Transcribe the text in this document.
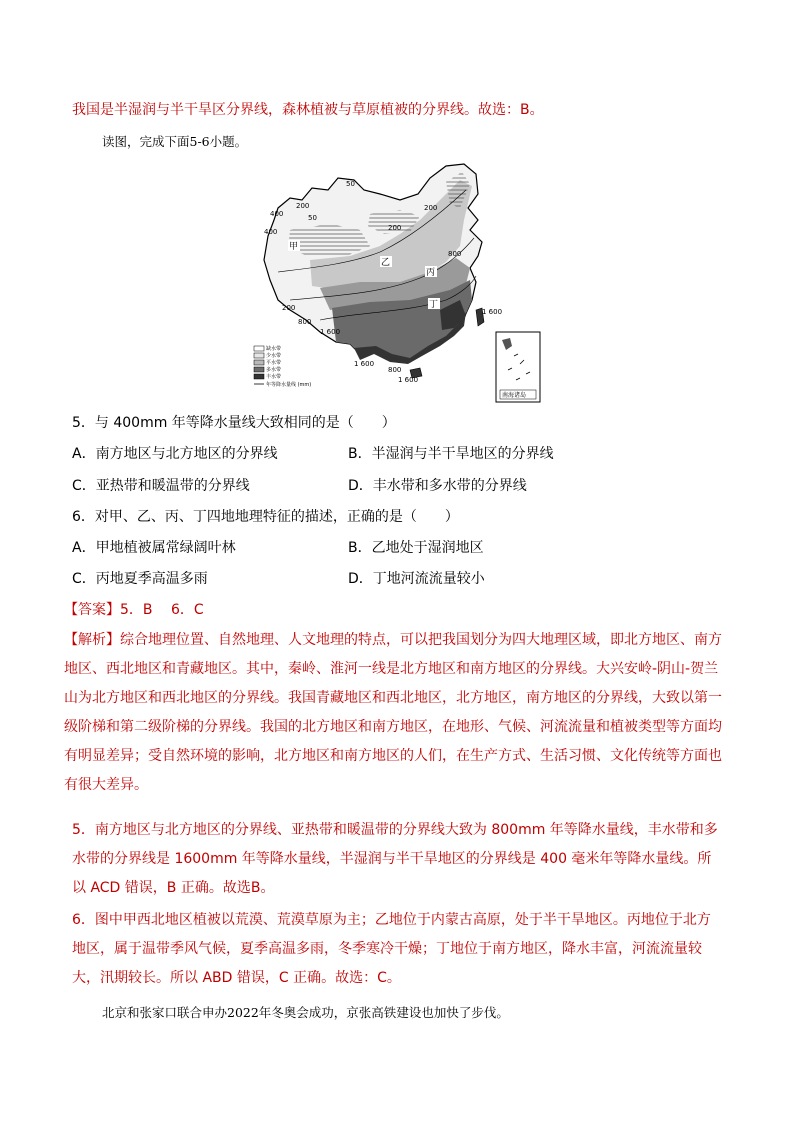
我国是半湿润与半干旱区分界线，森林植被与草原植被的分界线。故选：B。
读图，完成下面5-6小题。
400
200
50
400
50
200
200
800
1 600
200
800
1 600
1 600
800
1 600
甲
乙
丙
丁
缺水带
少水带
平水带
多水带
丰水带
年等降水量线 (mm)
南海诸岛
5．与 400mm 年等降水量线大致相同的是（　　）
A．南方地区与北方地区的分界线	B．半湿润与半干旱地区的分界线
C．亚热带和暖温带的分界线	D．丰水带和多水带的分界线
6．对甲、乙、丙、丁四地地理特征的描述，正确的是（　　）
A．甲地植被属常绿阔叶林	B．乙地处于湿润地区
C．丙地夏季高温多雨	D．丁地河流流量较小
【答案】5．B　 6．C
【解析】综合地理位置、自然地理、人文地理的特点，可以把我国划分为四大地理区域，即北方地区、南方地区、西北地区和青藏地区。其中，秦岭、淮河一线是北方地区和南方地区的分界线。大兴安岭-阴山-贺兰山为北方地区和西北地区的分界线。我国青藏地区和西北地区，北方地区，南方地区的分界线，大致以第一级阶梯和第二级阶梯的分界线。我国的北方地区和南方地区，在地形、气候、河流流量和植被类型等方面均有明显差异；受自然环境的影响，北方地区和南方地区的人们，在生产方式、生活习惯、文化传统等方面也有很大差异。
5．南方地区与北方地区的分界线、亚热带和暖温带的分界线大致为 800mm 年等降水量线，丰水带和多水带的分界线是 1600mm 年等降水量线，半湿润与半干旱地区的分界线是 400 毫米年等降水量线。所以 ACD 错误，B 正确。故选B。
6．图中甲西北地区植被以荒漠、荒漠草原为主；乙地位于内蒙古高原，处于半干旱地区。丙地位于北方地区，属于温带季风气候，夏季高温多雨，冬季寒冷干燥；丁地位于南方地区，降水丰富，河流流量较大，汛期较长。所以 ABD 错误，C 正确。故选：C。
北京和张家口联合申办2022年冬奥会成功，京张高铁建设也加快了步伐。
